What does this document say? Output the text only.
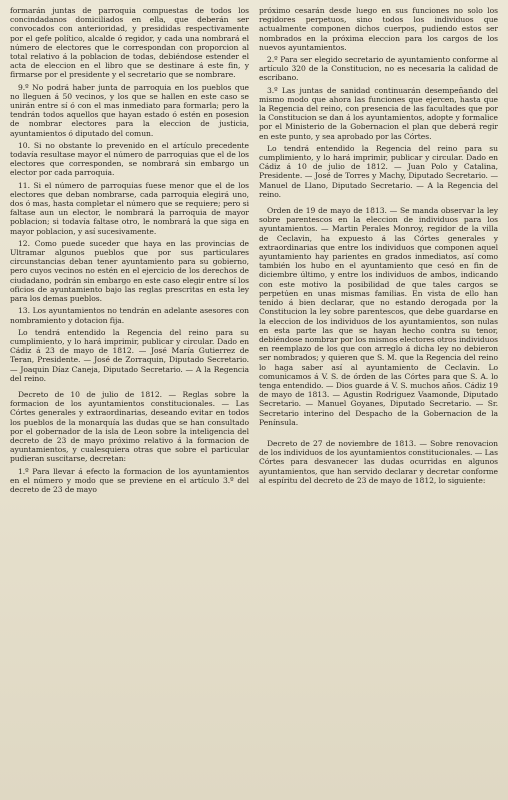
formarán juntas de parroquia compuestas de todos los concindadanos domiciliados en ella, que deberán ser convocados con anterioridad, y presididas respectivamente por el gefe político, alcalde ó regidor, y cada una nombrará el número de electores que le correspondan con proporcion al total relativo á la poblacion de todas, debiéndose estender el acta de eleccion en el libro que se destinare á este fin, y firmarse por el presidente y el secretario que se nombrare.

9.º No podrá haber junta de parroquia en los pueblos que no lleguen á 50 vecinos, y los que se hallen en este caso se unirán entre sí ó con el mas inmediato para formarla; pero la tendrán todos aquellos que hayan estado ó estén en posesion de nombrar electores para la eleccion de justicia, ayuntamientos ó diputado del comun.

10. Si no obstante lo prevenido en el artículo precedente todavía resultase mayor el número de parroquias que el de los electores que corresponden, se nombrará sin embargo un elector por cada parroquia.

11. Si el número de parroquias fuese menor que el de los electores que deban nombrarse, cada parroquia elegirá uno, dos ó mas, hasta completar el número que se requiere; pero si faltase aun un elector, le nombrará la parroquia de mayor poblacion; si todavía faltase otro, le nombrará la que siga en mayor poblacion, y así sucesivamente.

12. Como puede suceder que haya en las provincias de Ultramar algunos pueblos que por sus particulares circunstancias deban tener ayuntamiento para su gobierno, pero cuyos vecinos no estén en el ejercicio de los derechos de ciudadano, podrán sin embargo en este caso elegir entre sí los oficios de ayuntamiento bajo las reglas prescritas en esta ley para los demas pueblos.

13. Los ayuntamientos no tendrán en adelante asesores con nombramiento y dotacion fija.

Lo tendrá entendido la Regencia del reino para su cumplimiento, y lo hará imprimir, publicar y circular. Dado en Cádiz á 23 de mayo de 1812. — José María Gutierrez de Teran, Presidente. — José de Zorraquin, Diputado Secretario. — Joaquin Díaz Caneja, Diputado Secretario. — A la Regencia del reino.

Decreto de 10 de julio de 1812. — Reglas sobre la formacion de los ayuntamientos constitucionales. — Las Córtes generales y extraordinarias, deseando evitar en todos los pueblos de la monarquía las dudas que se han consultado por el gobernador de la isla de Leon sobre la inteligencia del decreto de 23 de mayo próximo relativo á la formacion de ayuntamientos, y cualesquiera otras que sobre el particular pudieran suscitarse, decretan:

1.º Para llevar á efecto la formacion de los ayuntamientos en el número y modo que se previene en el artículo 3.º del decreto de 23 de mayo

próximo cesarán desde luego en sus funciones no solo los regidores perpetuos, sino todos los individuos que actualmente componen dichos cuerpos, pudiendo estos ser nombrados en la próxima eleccion para los cargos de los nuevos ayuntamientos.

2.º Para ser elegido secretario de ayuntamiento conforme al artículo 320 de la Constitucion, no es necesaria la calidad de escribano.

3.º Las juntas de sanidad continuarán desempeñando del mismo modo que ahora las funciones que ejercen, hasta que la Regencia del reino, con presencia de las facultades que por la Constitucion se dan á los ayuntamientos, adopte y formalice por el Ministerio de la Gobernacion el plan que deberá regir en este punto, y sea aprobado por las Córtes.

Lo tendrá entendido la Regencia del reino para su cumplimiento, y lo hará imprimir, publicar y circular. Dado en Cádiz á 10 de julio de 1812. — Juan Polo y Catalina, Presidente. — José de Torres y Machy, Diputado Secretario. — Manuel de Llano, Diputado Secretario. — A la Regencia del reino.

Orden de 19 de mayo de 1813. — Se manda observar la ley sobre parentescos en la eleccion de individuos para los ayuntamientos. — Martin Perales Monroy, regidor de la villa de Ceclavin, ha expuesto á las Córtes generales y extraordinarias que entre los individuos que componen aquel ayuntamiento hay parientes en grados inmediatos, así como también los hubo en el ayuntamiento que cesó en fin de diciembre último, y entre los individuos de ambos, indicando con este motivo la posibilidad de que tales cargos se perpetúen en unas mismas familias. En vista de ello han tenido á bien declarar, que no estando derogada por la Constitucion la ley sobre parentescos, que debe guardarse en la eleccion de los individuos de los ayuntamientos, son nulas en esta parte las que se hayan hecho contra su tenor, debiéndose nombrar por los mismos electores otros individuos en reemplazo de los que con arreglo á dicha ley no debieron ser nombrados; y quieren que S. M. que la Regencia del reino lo haga saber así al ayuntamiento de Ceclavin. Lo comunicamos á V. S. de órden de las Córtes para que S. A. lo tenga entendido. — Dios guarde á V. S. muchos años. Cádiz 19 de mayo de 1813. — Agustin Rodriguez Vaamonde, Diputado Secretario. — Manuel Goyanes, Diputado Secretario. — Sr. Secretario interino del Despacho de la Gobernacion de la Península.

Decreto de 27 de noviembre de 1813. — Sobre renovacion de los individuos de los ayuntamientos constitucionales. — Las Córtes para desvanecer las dudas ocurridas en algunos ayuntamientos, que han servido declarar y decretar conforme al espíritu del decreto de 23 de mayo de 1812, lo siguiente:
